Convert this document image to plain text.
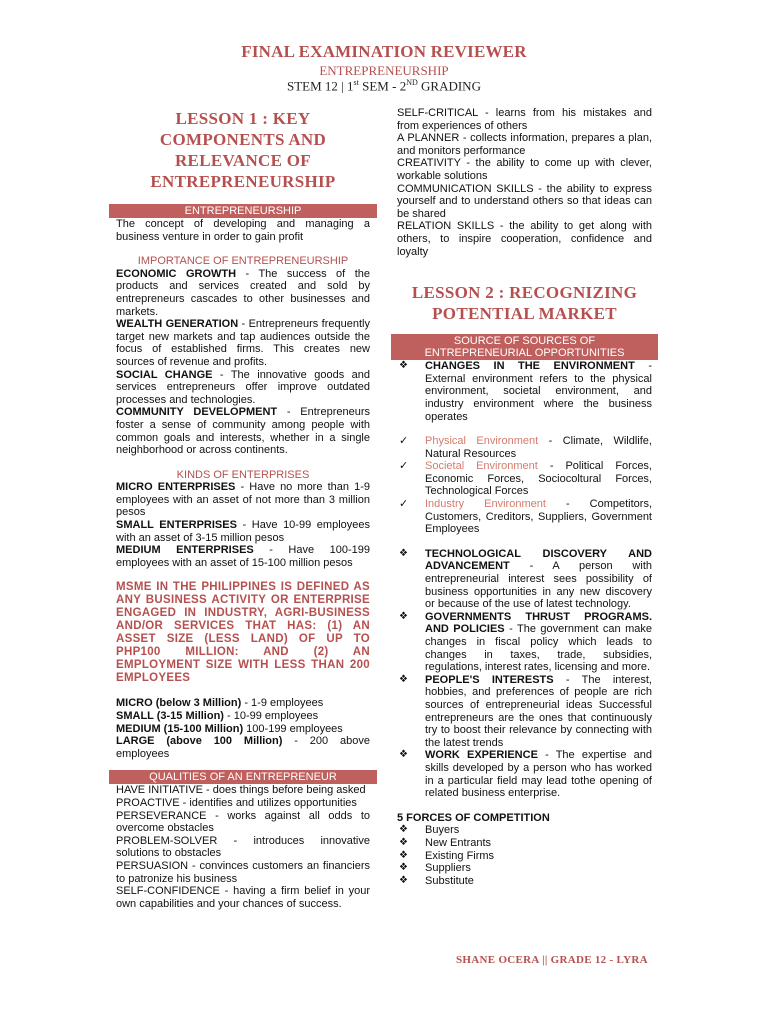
FINAL EXAMINATION REVIEWER
ENTREPRENEURSHIP
STEM 12 | 1st SEM - 2ND GRADING
LESSON 1 : KEY
COMPONENTS AND
RELEVANCE OF
ENTREPRENEURSHIP
ENTREPRENEURSHIP

The concept of developing and managing a business venture in order to gain profit

IMPORTANCE OF ENTREPRENEURSHIP

ECONOMIC GROWTH - The success of the products and services created and sold by entrepreneurs cascades to other businesses and markets.

WEALTH GENERATION - Entrepreneurs frequently target new markets and tap audiences outside the focus of established firms. This creates new sources of revenue and profits.

SOCIAL CHANGE - The innovative goods and services entrepreneurs offer improve outdated processes and technologies.

COMMUNITY DEVELOPMENT - Entrepreneurs foster a sense of community among people with common goals and interests, whether in a single neighborhood or across continents.

KINDS OF ENTERPRISES

MICRO ENTERPRISES - Have no more than 1-9 employees with an asset of not more than 3 million pesos

SMALL ENTERPRISES - Have 10-99 employees with an asset of 3-15 million pesos

MEDIUM ENTERPRISES - Have 100-199 employees with an asset of 15-100 million pesos

MSME IN THE PHILIPPINES IS DEFINED AS ANY BUSINESS ACTIVITY OR ENTERPRISE ENGAGED IN INDUSTRY, AGRI-BUSINESS AND/OR SERVICES THAT HAS: (1) AN ASSET SIZE (LESS LAND) OF UP TO PHP100 MILLION: AND (2) AN EMPLOYMENT SIZE WITH LESS THAN 200 EMPLOYEES

MICRO (below 3 Million) - 1-9 employees

SMALL (3-15 Million) - 10-99 employees

MEDIUM (15-100 Million) 100-199 employees

LARGE (above 100 Million) - 200 above employees

QUALITIES OF AN ENTREPRENEUR

HAVE INITIATIVE - does things before being asked

PROACTIVE - identifies and utilizes opportunities

PERSEVERANCE - works against all odds to overcome obstacles

PROBLEM-SOLVER - introduces innovative solutions to obstacles

PERSUASION - convinces customers an financiers to patronize his business

SELF-CONFIDENCE - having a firm belief in your own capabilities and your chances of success.

SELF-CRITICAL - learns from his mistakes and from experiences of others

A PLANNER - collects information, prepares a plan, and monitors performance

CREATIVITY - the ability to come up with clever, workable solutions

COMMUNICATION SKILLS - the ability to express yourself and to understand others so that ideas can be shared

RELATION SKILLS - the ability to get along with others, to inspire cooperation, confidence and loyalty

LESSON 2 : RECOGNIZING
POTENTIAL MARKET
SOURCE OF SOURCES OF
ENTREPRENEURIAL OPPORTUNITIES
❖ CHANGES IN THE ENVIRONMENT - External environment refers to the physical environment, societal environment, and industry environment where the business operates
✓ Physical Environment - Climate, Wildlife, Natural Resources
✓ Societal Environment - Political Forces, Economic Forces, Sociocoltural Forces, Technological Forces
✓ Industry Environment - Competitors, Customers, Creditors, Suppliers, Government Employees
❖ TECHNOLOGICAL DISCOVERY AND ADVANCEMENT - A person with entrepreneurial interest sees possibility of business opportunities in any new discovery or because of the use of latest technology.
❖ GOVERNMENTS THRUST PROGRAMS. AND POLICIES - The government can make changes in fiscal policy which leads to changes in taxes, trade, subsidies, regulations, interest rates, licensing and more.
❖ PEOPLE'S INTERESTS - The interest, hobbies, and preferences of people are rich sources of entrepreneurial ideas Successful entrepreneurs are the ones that continuously try to boost their relevance by connecting with the latest trends
❖ WORK EXPERIENCE - The expertise and skills developed by a person who has worked in a particular field may lead tothe opening of related business enterprise.

5 FORCES OF COMPETITION

❖ Buyers
❖ New Entrants
❖ Existing Firms
❖ Suppliers
❖ Substitute
SHANE OCERA || GRADE 12 - LYRA
